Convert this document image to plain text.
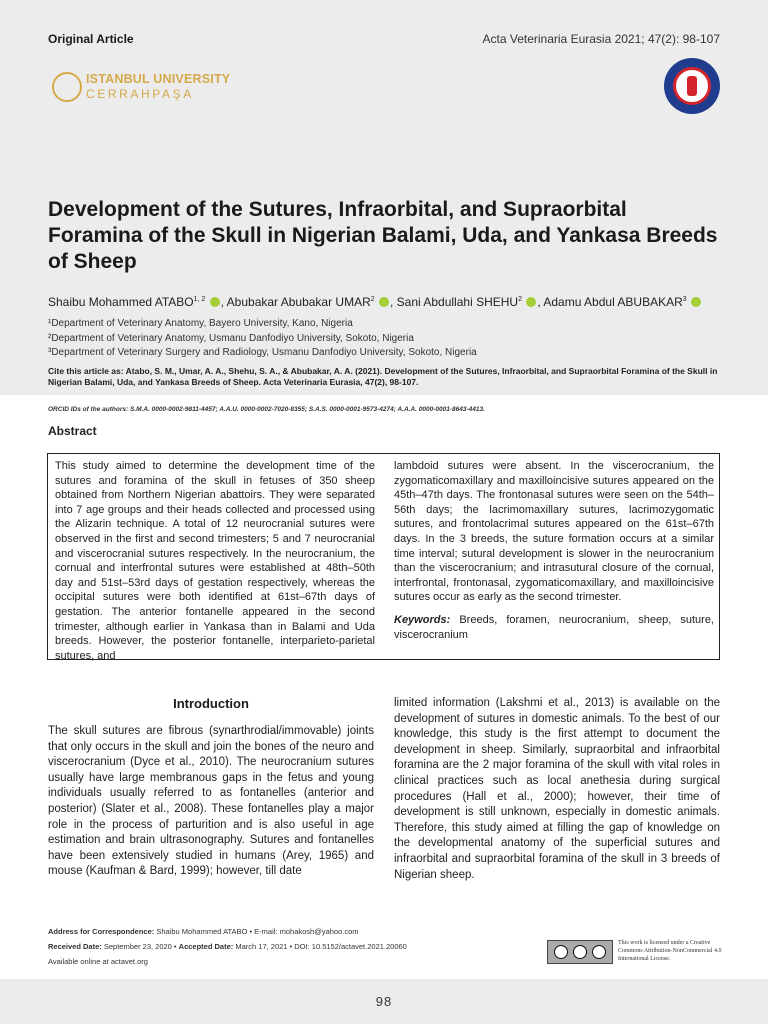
Original Article	Acta Veterinaria Eurasia 2021; 47(2): 98-107
ISTANBUL UNIVERSITY
CERRAHPAŞA
Development of the Sutures, Infraorbital, and Supraorbital Foramina of the Skull in Nigerian Balami, Uda, and Yankasa Breeds of Sheep
Shaibu Mohammed ATABO$^{1, 2}$ , Abubakar Abubakar UMAR$^2$ , Sani Abdullahi SHEHU$^2$ , Adamu Abdul ABUBAKAR$^3$
¹Department of Veterinary Anatomy, Bayero University, Kano, Nigeria
²Department of Veterinary Anatomy, Usmanu Danfodiyo University, Sokoto, Nigeria
³Department of Veterinary Surgery and Radiology, Usmanu Danfodiyo University, Sokoto, Nigeria
Cite this article as: Atabo, S. M., Umar, A. A., Shehu, S. A., & Abubakar, A. A. (2021). Development of the Sutures, Infraorbital, and Supraorbital Foramina of the Skull in Nigerian Balami, Uda, and Yankasa Breeds of Sheep. Acta Veterinaria Eurasia, 47(2), 98-107.
ORCID IDs of the authors: S.M.A. 0000-0002-9811-4457; A.A.U. 0000-0002-7020-8355; S.A.S. 0000-0001-9573-4274; A.A.A. 0000-0001-8643-4413.
Abstract
This study aimed to determine the development time of the sutures and foramina of the skull in fetuses of 350 sheep obtained from Northern Nigerian abattoirs. They were separated into 7 age groups and their heads collected and processed using the Alizarin technique. A total of 12 neurocranial sutures were observed in the first and second trimesters; 5 and 7 neurocranial and viscerocranial sutures respectively. In the neurocranium, the cornual and interfrontal sutures were established at 48th–50th day and 51st–53rd days of gestation respectively, whereas the occipital sutures were both identified at 61st–67th days of gestation. The anterior fontanelle appeared in the second trimester, although earlier in Yankasa than in Balami and Uda breeds. However, the posterior fontanelle, interparieto-parietal sutures, and
lambdoid sutures were absent. In the viscerocranium, the zygomaticomaxillary and maxilloincisive sutures appeared on the 45th–47th days. The frontonasal sutures were seen on the 54th–56th days; the lacrimomaxillary sutures, lacrimozygomatic sutures, and frontolacrimal sutures appeared on the 61st–67th days. In the 3 breeds, the suture formation occurs at a similar time interval; sutural development is slower in the neurocranium than the viscerocranium; and intrasutural closure of the cornual, interfrontal, frontonasal, zygomaticomaxillary, and maxilloincisive sutures occur as early as the second trimester.
Keywords: Breeds, foramen, neurocranium, sheep, suture, viscerocranium
Introduction
The skull sutures are fibrous (synarthrodial/immovable) joints that only occurs in the skull and join the bones of the neuro and viscerocranium (Dyce et al., 2010). The neurocranium sutures usually have large membranous gaps in the fetus and young individuals usually referred to as fontanelles (anterior and posterior) (Slater et al., 2008). These fontanelles play a major role in the process of parturition and is also useful in age estimation and brain ultrasonography. Sutures and fontanelles have been extensively studied in humans (Arey, 1965) and mouse (Kaufman & Bard, 1999); however, till date
limited information (Lakshmi et al., 2013) is available on the development of sutures in domestic animals. To the best of our knowledge, this study is the first attempt to document the development in sheep. Similarly, supraorbital and infraorbital foramina are the 2 major foramina of the skull with vital roles in clinical practices such as local anethesia during surgical procedures (Hall et al., 2000); however, their time of development is still unknown, especially in domestic animals. Therefore, this study aimed at filling the gap of knowledge on the developmental anatomy of the superficial sutures and infraorbital and supraorbital foramina of the skull in 3 breeds of Nigerian sheep.
Address for Correspondence: Shaibu Mohammed ATABO • E-mail: mohakosh@yahoo.com
Received Date: September 23, 2020 • Accepted Date: March 17, 2021 • DOI: 10.5152/actavet.2021.20060
Available online at actavet.org
This work is licensed under a Creative Commons Attribution-NonCommercial 4.0 International License.
98
